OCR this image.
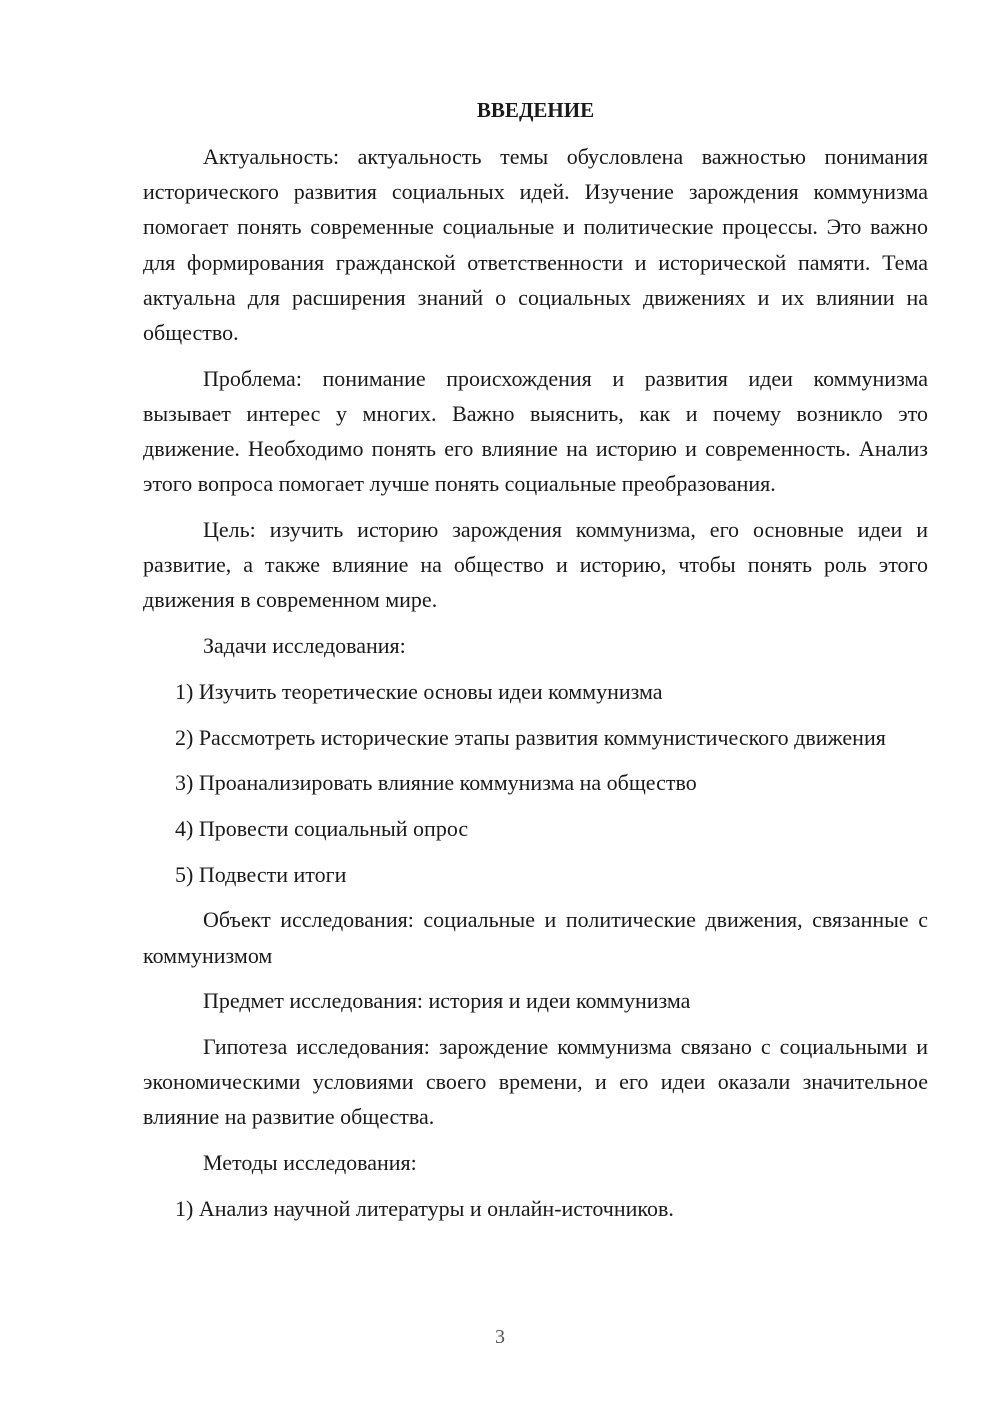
ВВЕДЕНИЕ

Актуальность: актуальность темы обусловлена важностью понимания исторического развития социальных идей. Изучение зарождения коммунизма помогает понять современные социальные и политические процессы. Это важно для формирования гражданской ответственности и исторической памяти. Тема актуальна для расширения знаний о социальных движениях и их влиянии на общество.

Проблема: понимание происхождения и развития идеи коммунизма вызывает интерес у многих. Важно выяснить, как и почему возникло это движение. Необходимо понять его влияние на историю и современность. Анализ этого вопроса помогает лучше понять социальные преобразования.

Цель: изучить историю зарождения коммунизма, его основные идеи и развитие, а также влияние на общество и историю, чтобы понять роль этого движения в современном мире.

Задачи исследования:

1) Изучить теоретические основы идеи коммунизма

2) Рассмотреть исторические этапы развития коммунистического движения

3) Проанализировать влияние коммунизма на общество

4) Провести социальный опрос

5) Подвести итоги

Объект исследования: социальные и политические движения, связанные с коммунизмом

Предмет исследования: история и идеи коммунизма

Гипотеза исследования: зарождение коммунизма связано с социальными и экономическими условиями своего времени, и его идеи оказали значительное влияние на развитие общества.

Методы исследования:

1) Анализ научной литературы и онлайн-источников.

3
